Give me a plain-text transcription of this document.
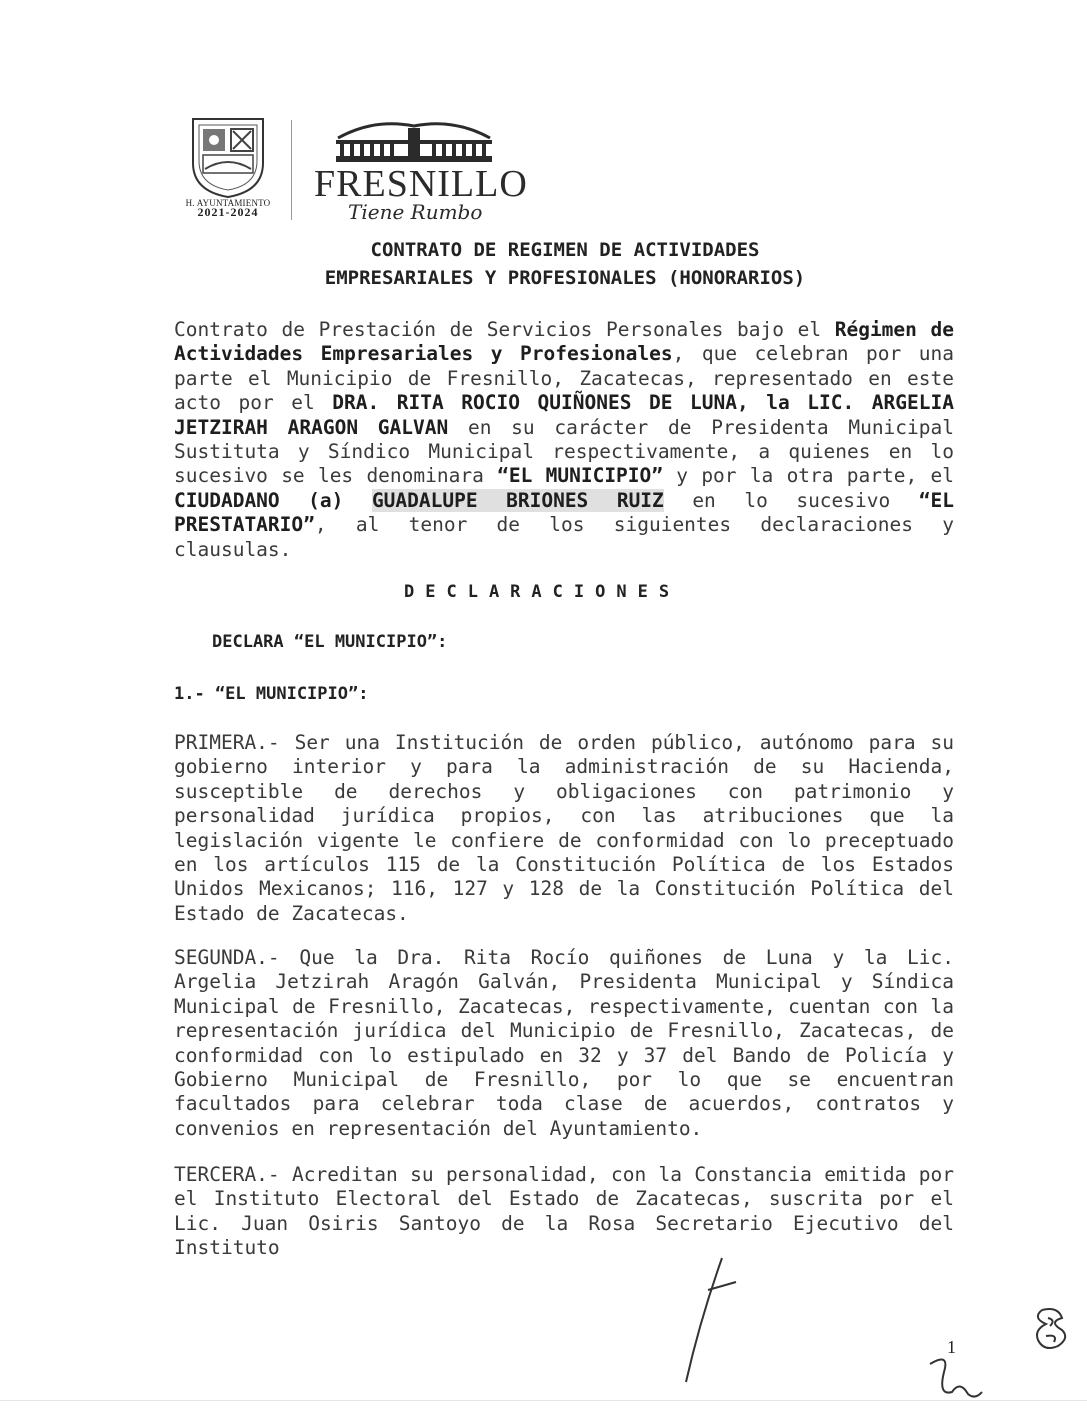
H. AYUNTAMIENTO
2021-2024
FRESNILLO
Tiene Rumbo
CONTRATO DE REGIMEN DE ACTIVIDADES
EMPRESARIALES Y PROFESIONALES (HONORARIOS)
Contrato de Prestación de Servicios Personales bajo el Régimen de Actividades Empresariales y Profesionales, que celebran por una parte el Municipio de Fresnillo, Zacatecas, representado en este acto por el DRA. RITA ROCIO QUIÑONES DE LUNA, la LIC. ARGELIA JETZIRAH ARAGON GALVAN en su carácter de Presidenta Municipal Sustituta y Síndico Municipal respectivamente, a quienes en lo sucesivo se les denominara “EL MUNICIPIO” y por la otra parte, el CIUDADANO (a) GUADALUPE BRIONES RUIZ en lo sucesivo “EL PRESTATARIO”, al tenor de los siguientes declaraciones y clausulas.
DECLARACIONES
DECLARA “EL MUNICIPIO”:
1.- “EL MUNICIPIO”:
PRIMERA.- Ser una Institución de orden público, autónomo para su gobierno interior y para la administración de su Hacienda, susceptible de derechos y obligaciones con patrimonio y personalidad jurídica propios, con las atribuciones que la legislación vigente le confiere de conformidad con lo preceptuado en los artículos 115 de la Constitución Política de los Estados Unidos Mexicanos; 116, 127 y 128 de la Constitución Política del Estado de Zacatecas.
SEGUNDA.- Que la Dra. Rita Rocío quiñones de Luna y la Lic. Argelia Jetzirah Aragón Galván, Presidenta Municipal y Síndica Municipal de Fresnillo, Zacatecas, respectivamente, cuentan con la representación jurídica del Municipio de Fresnillo, Zacatecas, de conformidad con lo estipulado en 32 y 37 del Bando de Policía y Gobierno Municipal de Fresnillo, por lo que se encuentran facultados para celebrar toda clase de acuerdos, contratos y convenios en representación del Ayuntamiento.
TERCERA.- Acreditan su personalidad, con la Constancia emitida por el Instituto Electoral del Estado de Zacatecas, suscrita por el Lic. Juan Osiris Santoyo de la Rosa Secretario Ejecutivo del Instituto
1
